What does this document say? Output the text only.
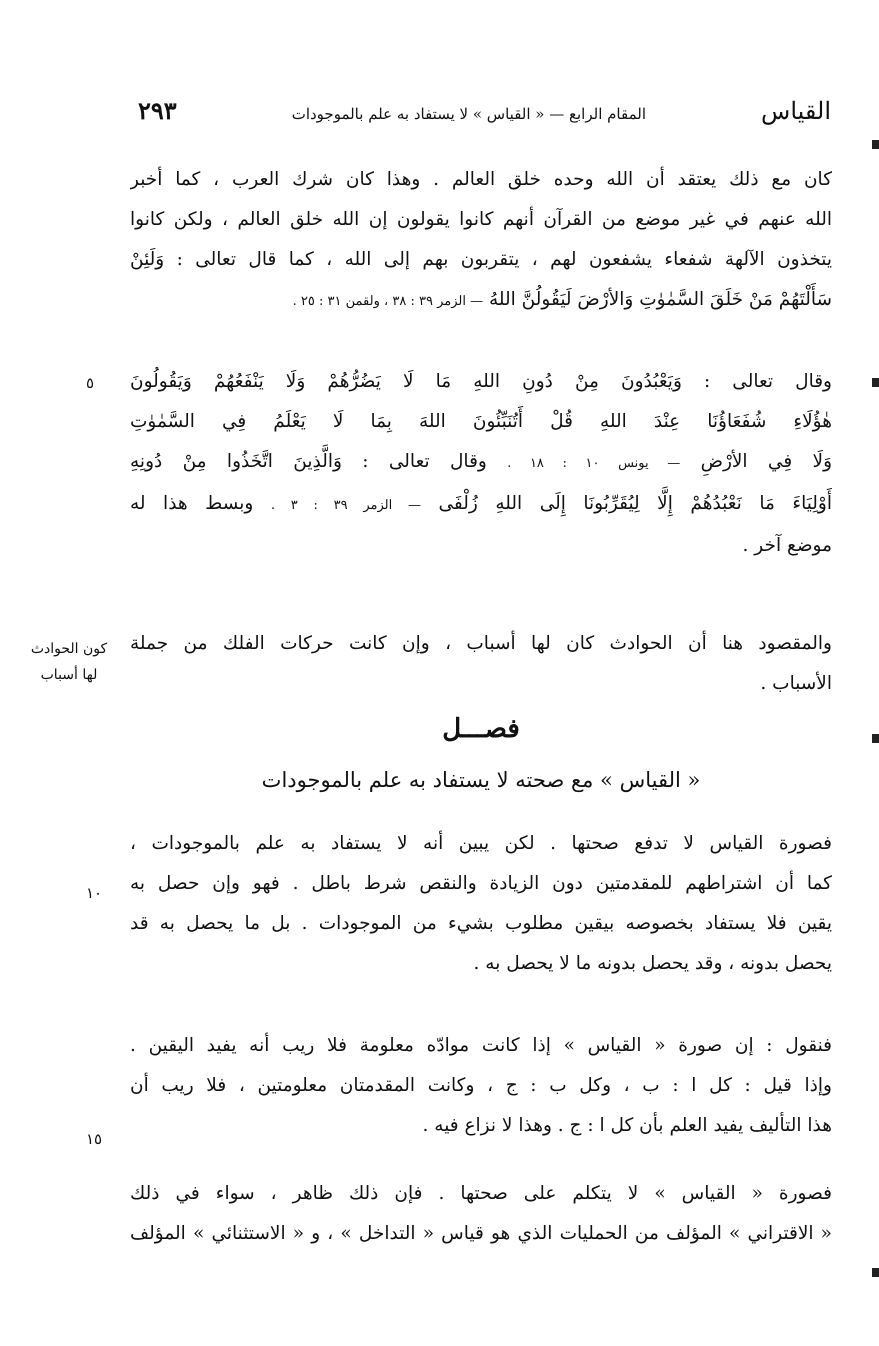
القياس
المقام الرابع — « القياس » لا يستفاد به علم بالموجودات
٢٩٣
كان مع ذلك يعتقد أن الله وحده خلق العالم . وهذا كان شرك العرب ، كما أخبر
الله عنهم في غير موضع من القرآن أنهم كانوا يقولون إن الله خلق العالم ، ولكن كانوا
يتخذون الآلهة شفعاء يشفعون لهم ، يتقربون بهم إلى الله ، كما قال تعالى : وَلَئِنْ
سَأَلْتَهُمْ مَنْ خَلَقَ السَّمٰوٰتِ وَالأرْضَ لَيَقُولُنَّ اللهُ — الزمر ٣٩ : ٣٨ ، ولقمن ٣١ : ٢٥ .
وقال تعالى : وَيَعْبُدُونَ مِنْ دُونِ اللهِ مَا لَا يَضُرُّهُمْ وَلَا يَنْفَعُهُمْ وَيَقُولُونَ
هٰؤُلَاءِ شُفَعَاؤُنَا عِنْدَ اللهِ قُلْ أَتُنَبِّئُونَ اللهَ بِمَا لَا يَعْلَمُ فِي السَّمٰوٰتِ
وَلَا فِي الأرْضِ — يونس ١٠ : ١٨ . وقال تعالى : وَالَّذِينَ اتَّخَذُوا مِنْ دُونِهِ
أَوْلِيَاءَ مَا نَعْبُدُهُمْ إِلَّا لِيُقَرِّبُونَا إِلَى اللهِ زُلْفَى — الزمر ٣٩ : ٣ . وبسط هذا له
موضع آخر .
والمقصود هنا أن الحوادث كان لها أسباب ، وإن كانت حركات الفلك من جملة
الأسباب .
كون الحوادث
لها أسباب
فصـــل
« القياس » مع صحته لا يستفاد به علم بالموجودات
فصورة القياس لا تدفع صحتها . لكن يبين أنه لا يستفاد به علم بالموجودات ،
كما أن اشتراطهم للمقدمتين دون الزيادة والنقص شرط باطل . فهو وإن حصل به
يقين فلا يستفاد بخصوصه بيقين مطلوب بشيء من الموجودات . بل ما يحصل به قد
يحصل بدونه ، وقد يحصل بدونه ما لا يحصل به .
فنقول : إن صورة « القياس » إذا كانت موادّه معلومة فلا ريب أنه يفيد اليقين .
وإذا قيل : كل ا : ب ، وكل ب : ج ، وكانت المقدمتان معلومتين ، فلا ريب أن
هذا التأليف يفيد العلم بأن كل ا : ج . وهذا لا نزاع فيه .
فصورة « القياس » لا يتكلم على صحتها . فإن ذلك ظاهر ، سواء في ذلك
« الاقتراني » المؤلف من الحمليات الذي هو قياس « التداخل » ، و « الاستثنائي » المؤلف
٥
١٠
١٥
